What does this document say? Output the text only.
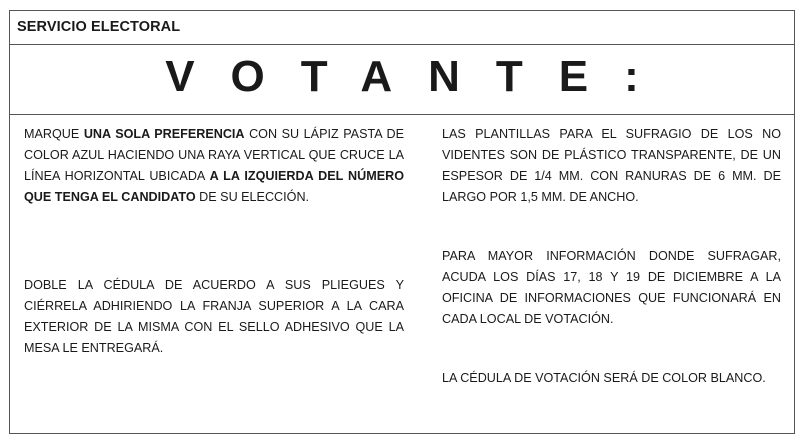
SERVICIO ELECTORAL
VOTANTE:

MARQUE UNA SOLA PREFERENCIA CON SU LÁPIZ PASTA DE COLOR AZUL HACIENDO UNA RAYA VERTICAL QUE CRUCE LA LÍNEA HORIZONTAL UBICADA A LA IZQUIERDA DEL NÚMERO QUE TENGA EL CANDIDATO DE SU ELECCIÓN.

DOBLE LA CÉDULA DE ACUERDO A SUS PLIEGUES Y CIÉRRELA ADHIRIENDO LA FRANJA SUPERIOR A LA CARA EXTERIOR DE LA MISMA CON EL SELLO ADHESIVO QUE LA MESA LE ENTREGARÁ.

LAS PLANTILLAS PARA EL SUFRAGIO DE LOS NO VIDENTES SON DE PLÁSTICO TRANSPARENTE, DE UN ESPESOR DE 1/4 MM. CON RANURAS DE 6 MM. DE LARGO POR 1,5 MM. DE ANCHO.

PARA MAYOR INFORMACIÓN DONDE SUFRAGAR, ACUDA LOS DÍAS 17, 18 Y 19 DE DICIEMBRE A LA OFICINA DE INFORMACIONES QUE FUNCIONARÁ EN CADA LOCAL DE VOTACIÓN.

LA CÉDULA DE VOTACIÓN SERÁ DE COLOR BLANCO.
